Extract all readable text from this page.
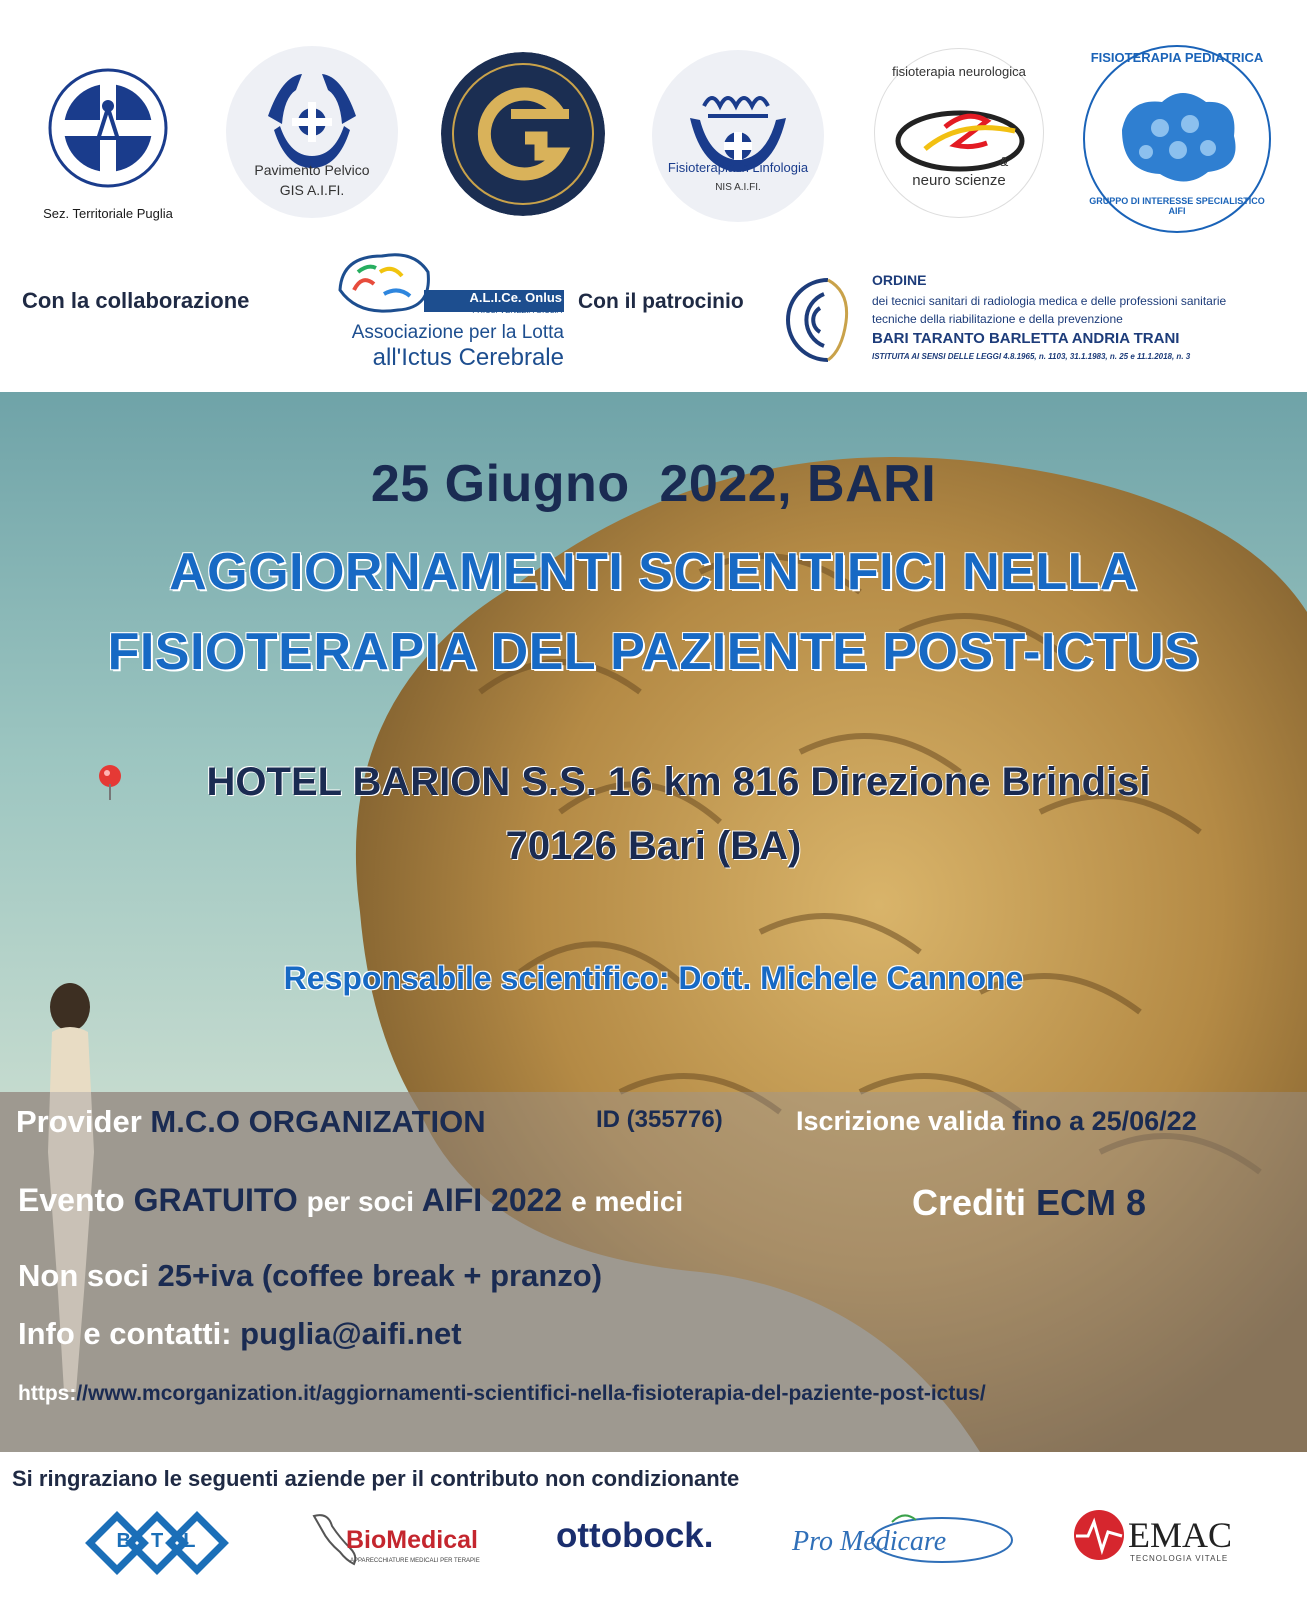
Sez. Territoriale Puglia
Pavimento Pelvico
GIS A.I.FI.
Fisioterapia in Linfologia
NIS A.I.FI.
fisioterapia neurologica
&
neuro scienze
FISIOTERAPIA PEDIATRICA
GRUPPO DI INTERESSE SPECIALISTICO AIFI
Con la collaborazione	A.L.I.Ce. Onlus
FRIULI VENEZIA GIULIA
Associazione per la Lotta
all'Ictus Cerebrale
Con il patrocinio
ORDINE
dei tecnici sanitari di radiologia medica e delle professioni sanitarie
tecniche della riabilitazione e della prevenzione
BARI TARANTO BARLETTA ANDRIA TRANI
ISTITUITA AI SENSI DELLE LEGGI 4.8.1965, n. 1103, 31.1.1983, n. 25 e 11.1.2018, n. 3
25 Giugno  2022, BARI
AGGIORNAMENTI SCIENTIFICI NELLA
FISIOTERAPIA DEL PAZIENTE POST-ICTUS
HOTEL BARION S.S. 16 km 816 Direzione Brindisi
70126 Bari (BA)
Responsabile scientifico: Dott. Michele Cannone
Provider M.C.O ORGANIZATION	ID (355776)	Iscrizione valida fino a 25/06/22
Evento GRATUITO per soci AIFI 2022 e medici	Crediti ECM 8
Non soci 25+iva (coffee break + pranzo)
Info e contatti: puglia@aifi.net
https://www.mcorganization.it/aggiornamenti-scientifici-nella-fisioterapia-del-paziente-post-ictus/
Si ringraziano le seguenti aziende per il contributo non condizionante
BTL	BioMedical
APPARECCHIATURE MEDICALI PER TERAPIE
ottobock.	Pro Medicare	EMAC
TECNOLOGIA VITALE
